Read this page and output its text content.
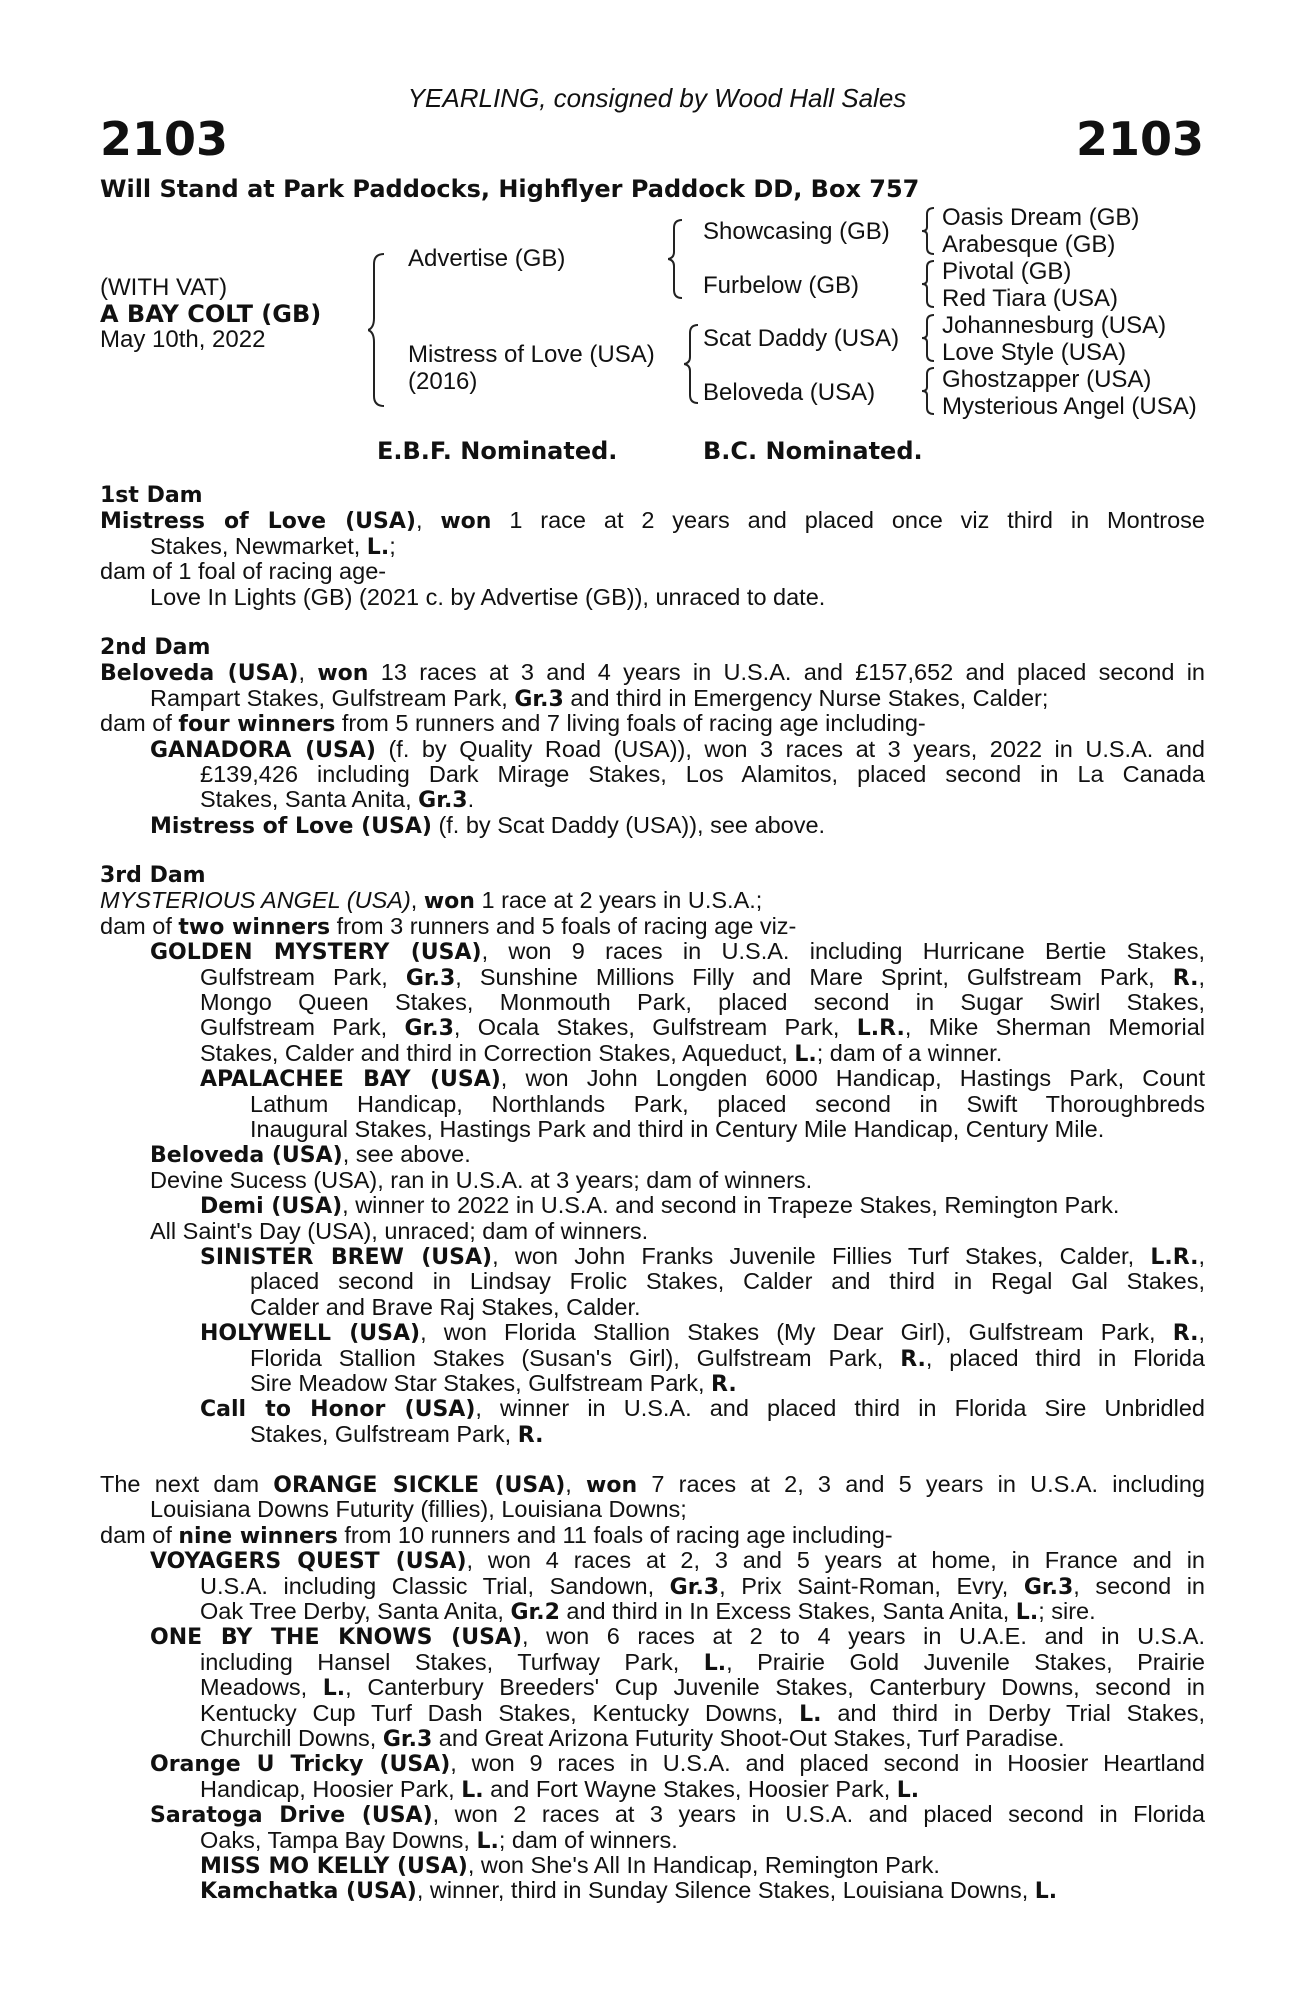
YEARLING, consigned by Wood Hall Sales
2103	2103
Will Stand at Park Paddocks, Highflyer Paddock DD, Box 757
(WITH VAT)
A BAY COLT (GB)
May 10th, 2022
Advertise (GB)
Mistress of Love (USA)
(2016)
Showcasing (GB)
Furbelow (GB)
Scat Daddy (USA)
Beloveda (USA)
Oasis Dream (GB)
Arabesque (GB)
Pivotal (GB)
Red Tiara (USA)
Johannesburg (USA)
Love Style (USA)
Ghostzapper (USA)
Mysterious Angel (USA)
E.B.F. Nominated.	B.C. Nominated.
1st Dam
Mistress of Love (USA), won 1 race at 2 years and placed once viz third in Montrose
Stakes, Newmarket, L.;
dam of 1 foal of racing age-
Love In Lights (GB) (2021 c. by Advertise (GB)), unraced to date.
2nd Dam
Beloveda (USA), won 13 races at 3 and 4 years in U.S.A. and £157,652 and placed second in
Rampart Stakes, Gulfstream Park, Gr.3 and third in Emergency Nurse Stakes, Calder;
dam of four winners from 5 runners and 7 living foals of racing age including-
GANADORA (USA) (f. by Quality Road (USA)), won 3 races at 3 years, 2022 in U.S.A. and
£139,426 including Dark Mirage Stakes, Los Alamitos, placed second in La Canada
Stakes, Santa Anita, Gr.3.
Mistress of Love (USA) (f. by Scat Daddy (USA)), see above.
3rd Dam
MYSTERIOUS ANGEL (USA), won 1 race at 2 years in U.S.A.;
dam of two winners from 3 runners and 5 foals of racing age viz-
GOLDEN MYSTERY (USA), won 9 races in U.S.A. including Hurricane Bertie Stakes,
Gulfstream Park, Gr.3, Sunshine Millions Filly and Mare Sprint, Gulfstream Park, R.,
Mongo Queen Stakes, Monmouth Park, placed second in Sugar Swirl Stakes,
Gulfstream Park, Gr.3, Ocala Stakes, Gulfstream Park, L.R., Mike Sherman Memorial
Stakes, Calder and third in Correction Stakes, Aqueduct, L.; dam of a winner.
APALACHEE BAY (USA), won John Longden 6000 Handicap, Hastings Park, Count
Lathum Handicap, Northlands Park, placed second in Swift Thoroughbreds
Inaugural Stakes, Hastings Park and third in Century Mile Handicap, Century Mile.
Beloveda (USA), see above.
Devine Sucess (USA), ran in U.S.A. at 3 years; dam of winners.
Demi (USA), winner to 2022 in U.S.A. and second in Trapeze Stakes, Remington Park.
All Saint's Day (USA), unraced; dam of winners.
SINISTER BREW (USA), won John Franks Juvenile Fillies Turf Stakes, Calder, L.R.,
placed second in Lindsay Frolic Stakes, Calder and third in Regal Gal Stakes,
Calder and Brave Raj Stakes, Calder.
HOLYWELL (USA), won Florida Stallion Stakes (My Dear Girl), Gulfstream Park, R.,
Florida Stallion Stakes (Susan's Girl), Gulfstream Park, R., placed third in Florida
Sire Meadow Star Stakes, Gulfstream Park, R.
Call to Honor (USA), winner in U.S.A. and placed third in Florida Sire Unbridled
Stakes, Gulfstream Park, R.
The next dam ORANGE SICKLE (USA), won 7 races at 2, 3 and 5 years in U.S.A. including
Louisiana Downs Futurity (fillies), Louisiana Downs;
dam of nine winners from 10 runners and 11 foals of racing age including-
VOYAGERS QUEST (USA), won 4 races at 2, 3 and 5 years at home, in France and in
U.S.A. including Classic Trial, Sandown, Gr.3, Prix Saint-Roman, Evry, Gr.3, second in
Oak Tree Derby, Santa Anita, Gr.2 and third in In Excess Stakes, Santa Anita, L.; sire.
ONE BY THE KNOWS (USA), won 6 races at 2 to 4 years in U.A.E. and in U.S.A.
including Hansel Stakes, Turfway Park, L., Prairie Gold Juvenile Stakes, Prairie
Meadows, L., Canterbury Breeders' Cup Juvenile Stakes, Canterbury Downs, second in
Kentucky Cup Turf Dash Stakes, Kentucky Downs, L. and third in Derby Trial Stakes,
Churchill Downs, Gr.3 and Great Arizona Futurity Shoot-Out Stakes, Turf Paradise.
Orange U Tricky (USA), won 9 races in U.S.A. and placed second in Hoosier Heartland
Handicap, Hoosier Park, L. and Fort Wayne Stakes, Hoosier Park, L.
Saratoga Drive (USA), won 2 races at 3 years in U.S.A. and placed second in Florida
Oaks, Tampa Bay Downs, L.; dam of winners.
MISS MO KELLY (USA), won She's All In Handicap, Remington Park.
Kamchatka (USA), winner, third in Sunday Silence Stakes, Louisiana Downs, L.
